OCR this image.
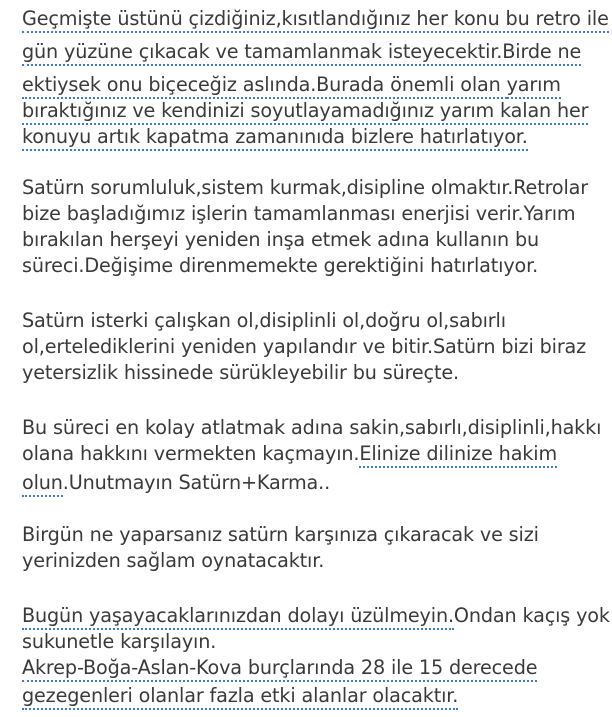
Geçmişte üstünü çizdiğiniz,kısıtlandığınız her konu bu retro ile
gün yüzüne çıkacak ve tamamlanmak isteyecektir.Birde ne
ektiysek onu biçeceğiz aslında.Burada önemli olan yarım
bıraktığınız ve kendinizi soyutlayamadığınız yarım kalan her
konuyu artık kapatma zamanınıda bizlere hatırlatıyor.
Satürn sorumluluk,sistem kurmak,disipline olmaktır.Retrolar
bize başladığımız işlerin tamamlanması enerjisi verir.Yarım
bırakılan herşeyi yeniden inşa etmek adına kullanın bu
süreci.Değişime direnmemekte gerektiğini hatırlatıyor.
Satürn isterki çalışkan ol,disiplinli ol,doğru ol,sabırlı
ol,ertelediklerini yeniden yapılandır ve bitir.Satürn bizi biraz
yetersizlik hissinede sürükleyebilir bu süreçte.
Bu süreci en kolay atlatmak adına sakin,sabırlı,disiplinli,hakkı
olana hakkını vermekten kaçmayın.Elinize dilinize hakim
olun.Unutmayın Satürn+Karma..
Birgün ne yaparsanız satürn karşınıza çıkaracak ve sizi
yerinizden sağlam oynatacaktır.
Bugün yaşayacaklarınızdan dolayı üzülmeyin.Ondan kaçış yok
sukunetle karşılayın.
Akrep-Boğa-Aslan-Kova burçlarında 28 ile 15 derecede
gezegenleri olanlar fazla etki alanlar olacaktır.
